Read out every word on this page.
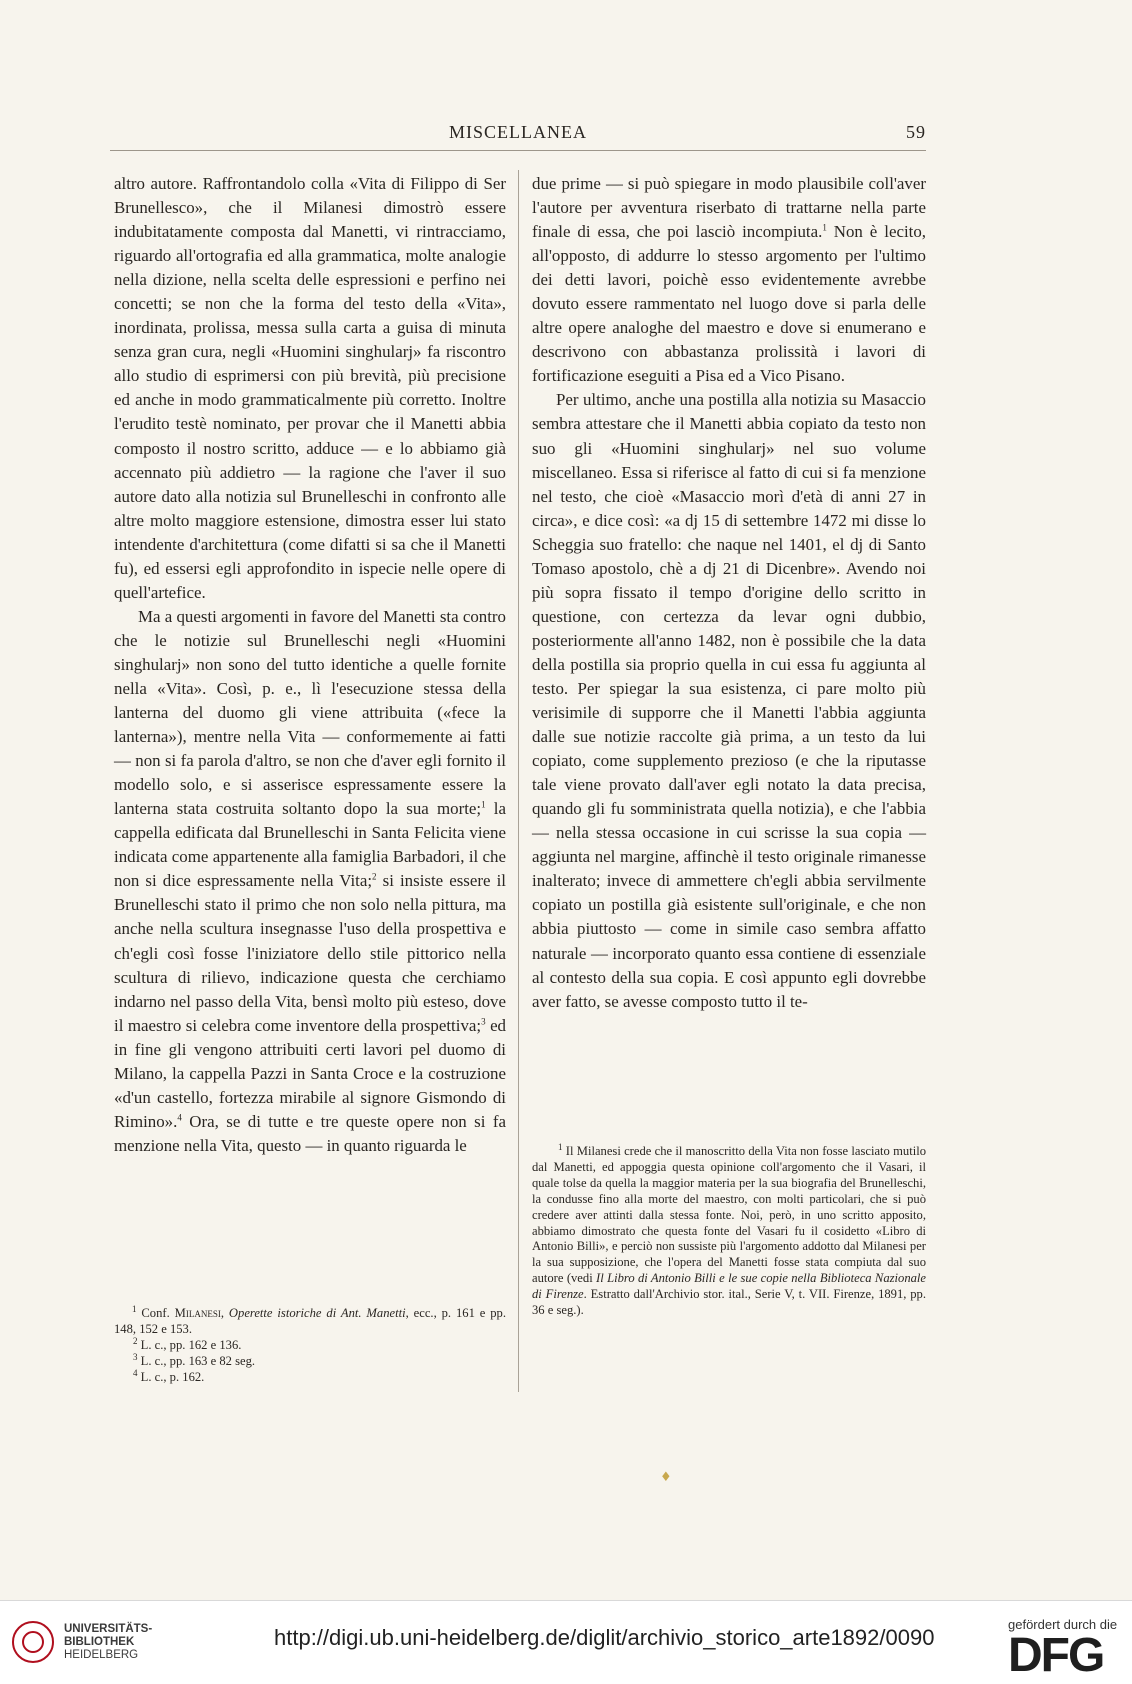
MISCELLANEA	59

altro autore. Raffrontandolo colla «Vita di Filippo di Ser Brunellesco», che il Milanesi dimostrò essere indubitatamente composta dal Manetti, vi rintracciamo, riguardo all'ortografia ed alla grammatica, molte analogie nella dizione, nella scelta delle espressioni e perfino nei concetti; se non che la forma del testo della «Vita», inordinata, prolissa, messa sulla carta a guisa di minuta senza gran cura, negli «Huomini singhularj» fa riscontro allo studio di esprimersi con più brevità, più precisione ed anche in modo grammaticalmente più corretto. Inoltre l'erudito testè nominato, per provar che il Manetti abbia composto il nostro scritto, adduce — e lo abbiamo già accennato più addietro — la ragione che l'aver il suo autore dato alla notizia sul Brunelleschi in confronto alle altre molto maggiore estensione, dimostra esser lui stato intendente d'architettura (come difatti si sa che il Manetti fu), ed essersi egli approfondito in ispecie nelle opere di quell'artefice.

Ma a questi argomenti in favore del Manetti sta contro che le notizie sul Brunelleschi negli «Huomini singhularj» non sono del tutto identiche a quelle fornite nella «Vita». Così, p. e., lì l'esecuzione stessa della lanterna del duomo gli viene attribuita («fece la lanterna»), mentre nella Vita — conformemente ai fatti — non si fa parola d'altro, se non che d'aver egli fornito il modello solo, e si asserisce espressamente essere la lanterna stata costruita soltanto dopo la sua morte;$^1$ la cappella edificata dal Brunelleschi in Santa Felicita viene indicata come appartenente alla famiglia Barbadori, il che non si dice espressamente nella Vita;$^2$ si insiste essere il Brunelleschi stato il primo che non solo nella pittura, ma anche nella scultura insegnasse l'uso della prospettiva e ch'egli così fosse l'iniziatore dello stile pittorico nella scultura di rilievo, indicazione questa che cerchiamo indarno nel passo della Vita, bensì molto più esteso, dove il maestro si celebra come inventore della prospettiva;$^3$ ed in fine gli vengono attribuiti certi lavori pel duomo di Milano, la cappella Pazzi in Santa Croce e la costruzione «d'un castello, fortezza mirabile al signore Gismondo di Rimino».$^4$ Ora, se di tutte e tre queste opere non si fa menzione nella Vita, questo — in quanto riguarda le

due prime — si può spiegare in modo plausibile coll'aver l'autore per avventura riserbato di trattarne nella parte finale di essa, che poi lasciò incompiuta.$^1$ Non è lecito, all'opposto, di addurre lo stesso argomento per l'ultimo dei detti lavori, poichè esso evidentemente avrebbe dovuto essere rammentato nel luogo dove si parla delle altre opere analoghe del maestro e dove si enumerano e descrivono con abbastanza prolissità i lavori di fortificazione eseguiti a Pisa ed a Vico Pisano.

Per ultimo, anche una postilla alla notizia su Masaccio sembra attestare che il Manetti abbia copiato da testo non suo gli «Huomini singhularj» nel suo volume miscellaneo. Essa si riferisce al fatto di cui si fa menzione nel testo, che cioè «Masaccio morì d'età di anni 27 in circa», e dice così: «a dj 15 di settembre 1472 mi disse lo Scheggia suo fratello: che naque nel 1401, el dj di Santo Tomaso apostolo, chè a dj 21 di Dicenbre». Avendo noi più sopra fissato il tempo d'origine dello scritto in questione, con certezza da levar ogni dubbio, posteriormente all'anno 1482, non è possibile che la data della postilla sia proprio quella in cui essa fu aggiunta al testo. Per spiegar la sua esistenza, ci pare molto più verisimile di supporre che il Manetti l'abbia aggiunta dalle sue notizie raccolte già prima, a un testo da lui copiato, come supplemento prezioso (e che la riputasse tale viene provato dall'aver egli notato la data precisa, quando gli fu somministrata quella notizia), e che l'abbia — nella stessa occasione in cui scrisse la sua copia — aggiunta nel margine, affinchè il testo originale rimanesse inalterato; invece di ammettere ch'egli abbia servilmente copiato un postilla già esistente sull'originale, e che non abbia piuttosto — come in simile caso sembra affatto naturale — incorporato quanto essa contiene di essenziale al contesto della sua copia. E così appunto egli dovrebbe aver fatto, se avesse composto tutto il te-

$^1$ Conf. Milanesi, Operette istoriche di Ant. Manetti, ecc., p. 161 e pp. 148, 152 e 153.

$^2$ L. c., pp. 162 e 136.

$^3$ L. c., pp. 163 e 82 seg.

$^4$ L. c., p. 162.

$^1$ Il Milanesi crede che il manoscritto della Vita non fosse lasciato mutilo dal Manetti, ed appoggia questa opinione coll'argomento che il Vasari, il quale tolse da quella la maggior materia per la sua biografia del Brunelleschi, la condusse fino alla morte del maestro, con molti particolari, che si può credere aver attinti dalla stessa fonte. Noi, però, in uno scritto apposito, abbiamo dimostrato che questa fonte del Vasari fu il cosidetto «Libro di Antonio Billi», e perciò non sussiste più l'argomento addotto dal Milanesi per la sua supposizione, che l'opera del Manetti fosse stata compiuta dal suo autore (vedi Il Libro di Antonio Billi e le sue copie nella Biblioteca Nazionale di Firenze. Estratto dall'Archivio stor. ital., Serie V, t. VII. Firenze, 1891, pp. 36 e seg.).

♦
UNIVERSITÄTS-
BIBLIOTHEK
HEIDELBERG
http://digi.ub.uni-heidelberg.de/diglit/archivio_storico_arte1892/0090
gefördert durch die
DFG
